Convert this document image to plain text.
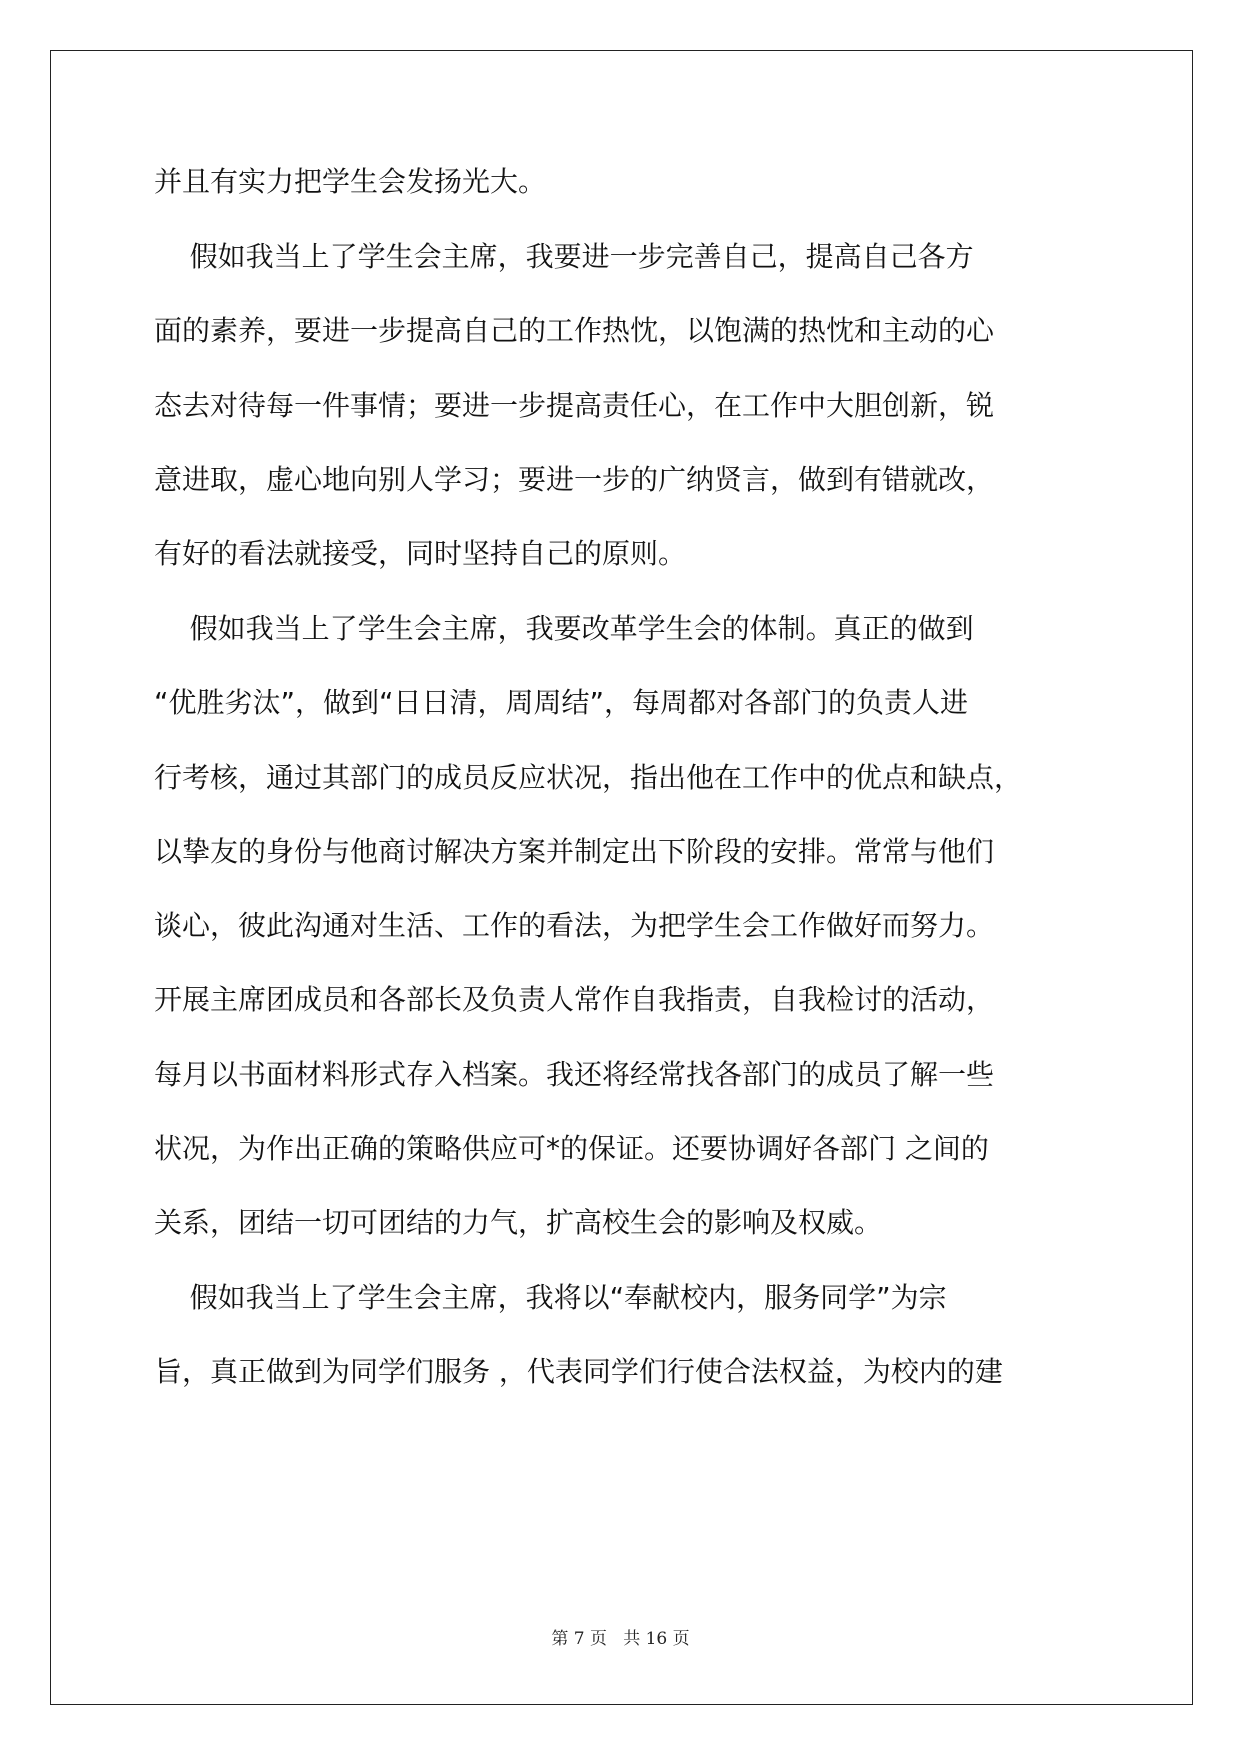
并且有实力把学生会发扬光大。
假如我当上了学生会主席，我要进一步完善自己，提高自己各方
面的素养，要进一步提高自己的工作热忱，以饱满的热忱和主动的心
态去对待每一件事情；要进一步提高责任心，在工作中大胆创新，锐
意进取，虚心地向别人学习；要进一步的广纳贤言，做到有错就改，
有好的看法就接受，同时坚持自己的原则。
假如我当上了学生会主席，我要改革学生会的体制。真正的做到
“优胜劣汰”，做到“日日清，周周结”，每周都对各部门的负责人进
行考核，通过其部门的成员反应状况，指出他在工作中的优点和缺点，
以挚友的身份与他商讨解决方案并制定出下阶段的安排。常常与他们
谈心，彼此沟通对生活、工作的看法，为把学生会工作做好而努力。
开展主席团成员和各部长及负责人常作自我指责，自我检讨的活动，
每月以书面材料形式存入档案。我还将经常找各部门的成员了解一些
状况，为作出正确的策略供应可*的保证。还要协调好各部门 之间的
关系，团结一切可团结的力气，扩高校生会的影响及权威。
假如我当上了学生会主席，我将以“奉献校内，服务同学”为宗
旨，真正做到为同学们服务 ，代表同学们行使合法权益，为校内的建
第 7 页   共 16 页
